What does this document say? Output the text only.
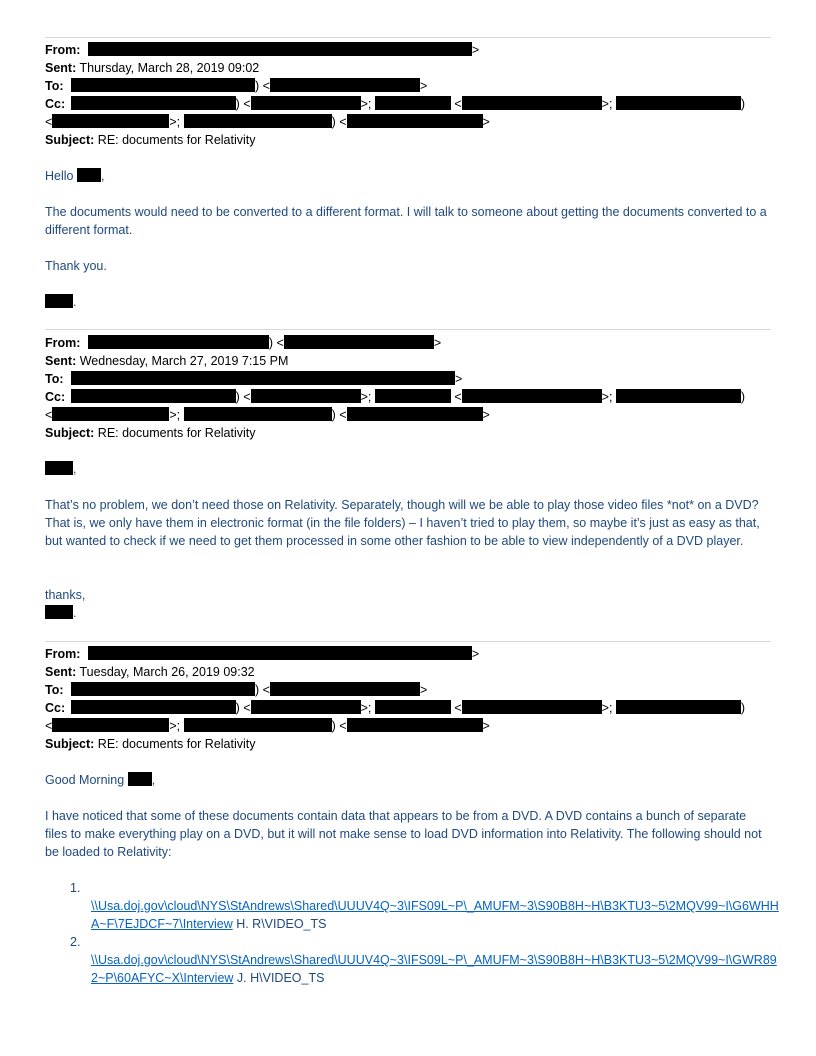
From:	>
Sent: Thursday, March 28, 2019 09:02
To:	) <	>
Cc:	) <	>;	<	>;	)
<	>;	) <	>
Subject: RE: documents for Relativity
Hello ,
The documents would need to be converted to a different format. I will talk to someone about getting the documents converted to a different format.
Thank you.
.
From:	) <	>
Sent: Wednesday, March 27, 2019 7:15 PM
To:	>
Cc:	) <	>;	<	>;	)
<	>;	) <	>
Subject: RE: documents for Relativity
,
That’s no problem, we don’t need those on Relativity. Separately, though will we be able to play those video files *not* on a DVD? That is, we only have them in electronic format (in the file folders) – I haven’t tried to play them, so maybe it’s just as easy as that, but wanted to check if we need to get them processed in some other fashion to be able to view independently of a DVD player.
thanks,
.
From:	>
Sent: Tuesday, March 26, 2019 09:32
To:	) <	>
Cc:	) <	>;	<	>;	)
<	>;	) <	>
Subject: RE: documents for Relativity
Good Morning ,
I have noticed that some of these documents contain data that appears to be from a DVD. A DVD contains a bunch of separate files to make everything play on a DVD, but it will not make sense to load DVD information into Relativity. The following should not be loaded to Relativity:
1.
\\Usa.doj.gov\cloud\NYS\StAndrews\Shared\UUUV4Q~3\IFS09L~P\_AMUFM~3\S90B8H~H\B3KTU3~5\2MQV99~I\G6WHHA~F\7EJDCF~7\Interview H. R\VIDEO_TS
2.
\\Usa.doj.gov\cloud\NYS\StAndrews\Shared\UUUV4Q~3\IFS09L~P\_AMUFM~3\S90B8H~H\B3KTU3~5\2MQV99~I\GWR892~P\60AFYC~X\Interview J. H\VIDEO_TS
